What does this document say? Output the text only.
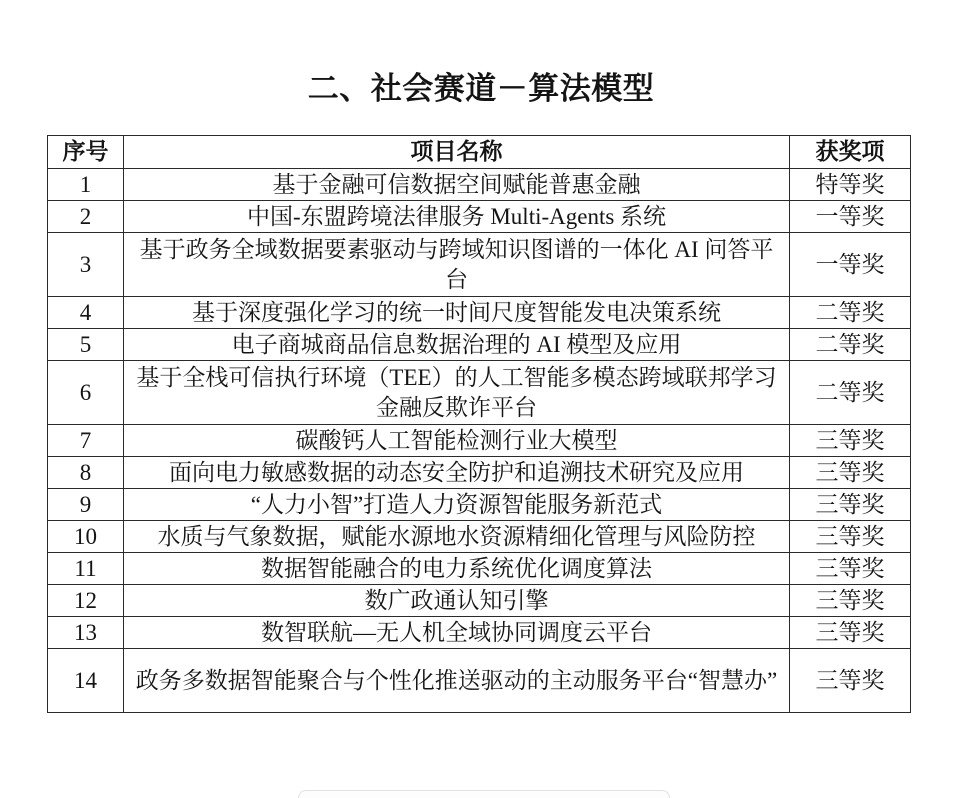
二、社会赛道－算法模型
序号	项目名称	获奖项
1	基于金融可信数据空间赋能普惠金融	特等奖
2	中国-东盟跨境法律服务 Multi-Agents 系统	一等奖
3	基于政务全域数据要素驱动与跨域知识图谱的一体化 AI 问答平台	一等奖
4	基于深度强化学习的统一时间尺度智能发电决策系统	二等奖
5	电子商城商品信息数据治理的 AI 模型及应用	二等奖
6	基于全栈可信执行环境（TEE）的人工智能多模态跨域联邦学习金融反欺诈平台	二等奖
7	碳酸钙人工智能检测行业大模型	三等奖
8	面向电力敏感数据的动态安全防护和追溯技术研究及应用	三等奖
9	“人力小智”打造人力资源智能服务新范式	三等奖
10	水质与气象数据，赋能水源地水资源精细化管理与风险防控	三等奖
11	数据智能融合的电力系统优化调度算法	三等奖
12	数广政通认知引擎	三等奖
13	数智联航—无人机全域协同调度云平台	三等奖
14	政务多数据智能聚合与个性化推送驱动的主动服务平台“智慧办”	三等奖
